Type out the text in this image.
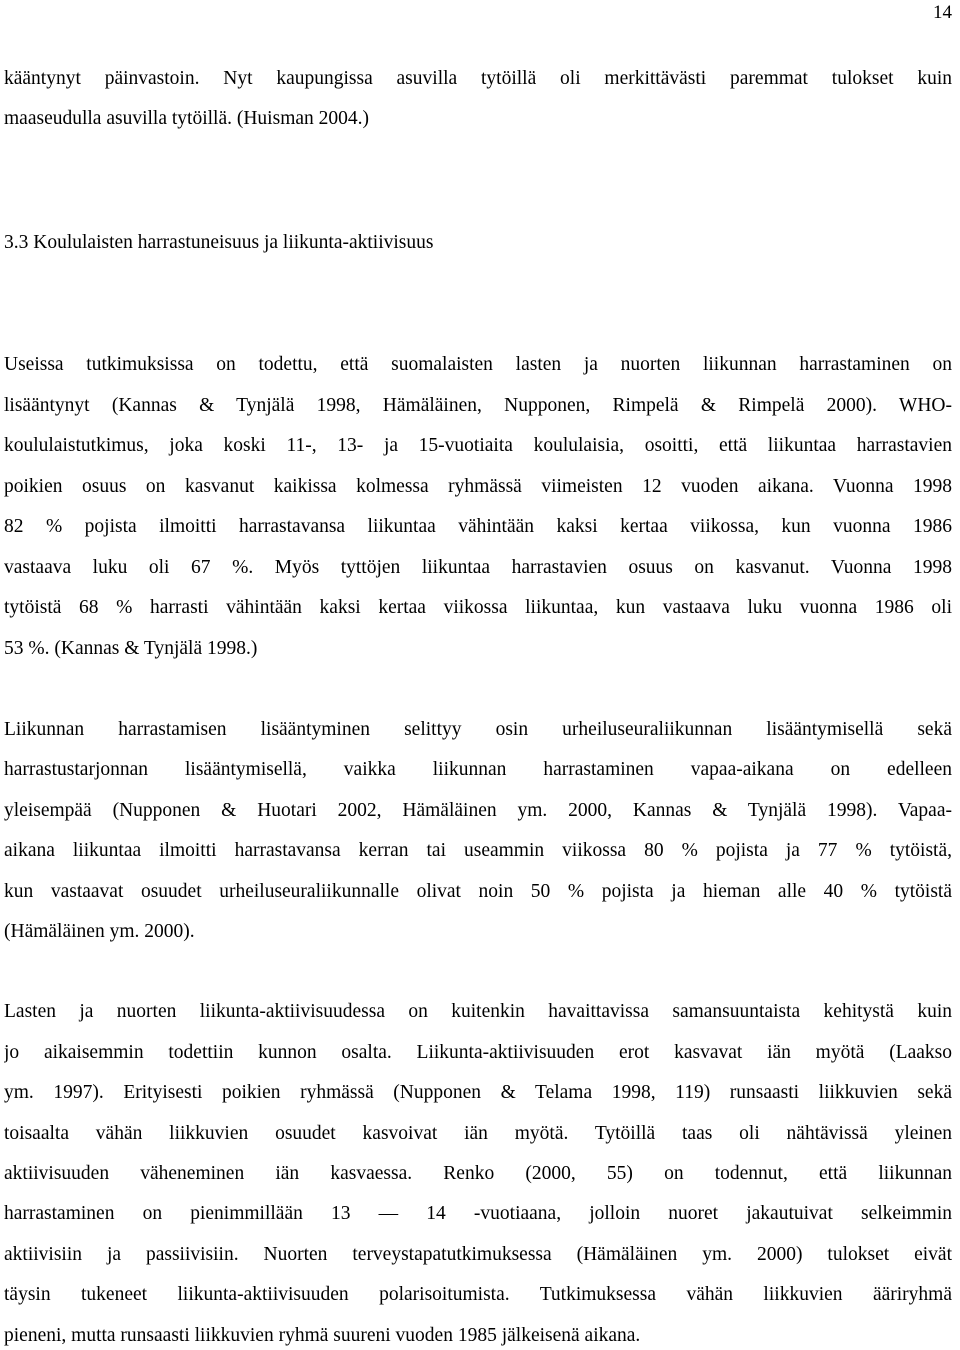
14
kääntynyt päinvastoin. Nyt kaupungissa asuvilla tytöillä oli merkittävästi paremmat tulokset kuin
maaseudulla asuvilla tytöillä. (Huisman 2004.)
3.3 Koululaisten harrastuneisuus ja liikunta-aktiivisuus
Useissa tutkimuksissa on todettu, että suomalaisten lasten ja nuorten liikunnan harrastaminen on
lisääntynyt (Kannas & Tynjälä 1998, Hämäläinen, Nupponen, Rimpelä & Rimpelä 2000). WHO-
koululaistutkimus, joka koski 11-, 13- ja 15-vuotiaita koululaisia, osoitti, että liikuntaa harrastavien
poikien osuus on kasvanut kaikissa kolmessa ryhmässä viimeisten 12 vuoden aikana. Vuonna 1998
82 % pojista ilmoitti harrastavansa liikuntaa vähintään kaksi kertaa viikossa, kun vuonna 1986
vastaava luku oli 67 %. Myös tyttöjen liikuntaa harrastavien osuus on kasvanut. Vuonna 1998
tytöistä 68 % harrasti vähintään kaksi kertaa viikossa liikuntaa, kun vastaava luku vuonna 1986 oli
53 %. (Kannas & Tynjälä 1998.)
Liikunnan harrastamisen lisääntyminen selittyy osin urheiluseuraliikunnan lisääntymisellä sekä
harrastustarjonnan lisääntymisellä, vaikka liikunnan harrastaminen vapaa-aikana on edelleen
yleisempää (Nupponen & Huotari 2002, Hämäläinen ym. 2000, Kannas & Tynjälä 1998). Vapaa-
aikana liikuntaa ilmoitti harrastavansa kerran tai useammin viikossa 80 % pojista ja 77 % tytöistä,
kun vastaavat osuudet urheiluseuraliikunnalle olivat noin 50 % pojista ja hieman alle 40 % tytöistä
(Hämäläinen ym. 2000).
Lasten ja nuorten liikunta-aktiivisuudessa on kuitenkin havaittavissa samansuuntaista kehitystä kuin
jo aikaisemmin todettiin kunnon osalta. Liikunta-aktiivisuuden erot kasvavat iän myötä (Laakso
ym. 1997). Erityisesti poikien ryhmässä (Nupponen & Telama 1998, 119) runsaasti liikkuvien sekä
toisaalta vähän liikkuvien osuudet kasvoivat iän myötä. Tytöillä taas oli nähtävissä yleinen
aktiivisuuden väheneminen iän kasvaessa. Renko (2000, 55) on todennut, että liikunnan
harrastaminen on pienimmillään 13 — 14 -vuotiaana, jolloin nuoret jakautuivat selkeimmin
aktiivisiin ja passiivisiin. Nuorten terveystapatutkimuksessa (Hämäläinen ym. 2000) tulokset eivät
täysin tukeneet liikunta-aktiivisuuden polarisoitumista. Tutkimuksessa vähän liikkuvien ääriryhmä
pieneni, mutta runsaasti liikkuvien ryhmä suureni vuoden 1985 jälkeisenä aikana.
